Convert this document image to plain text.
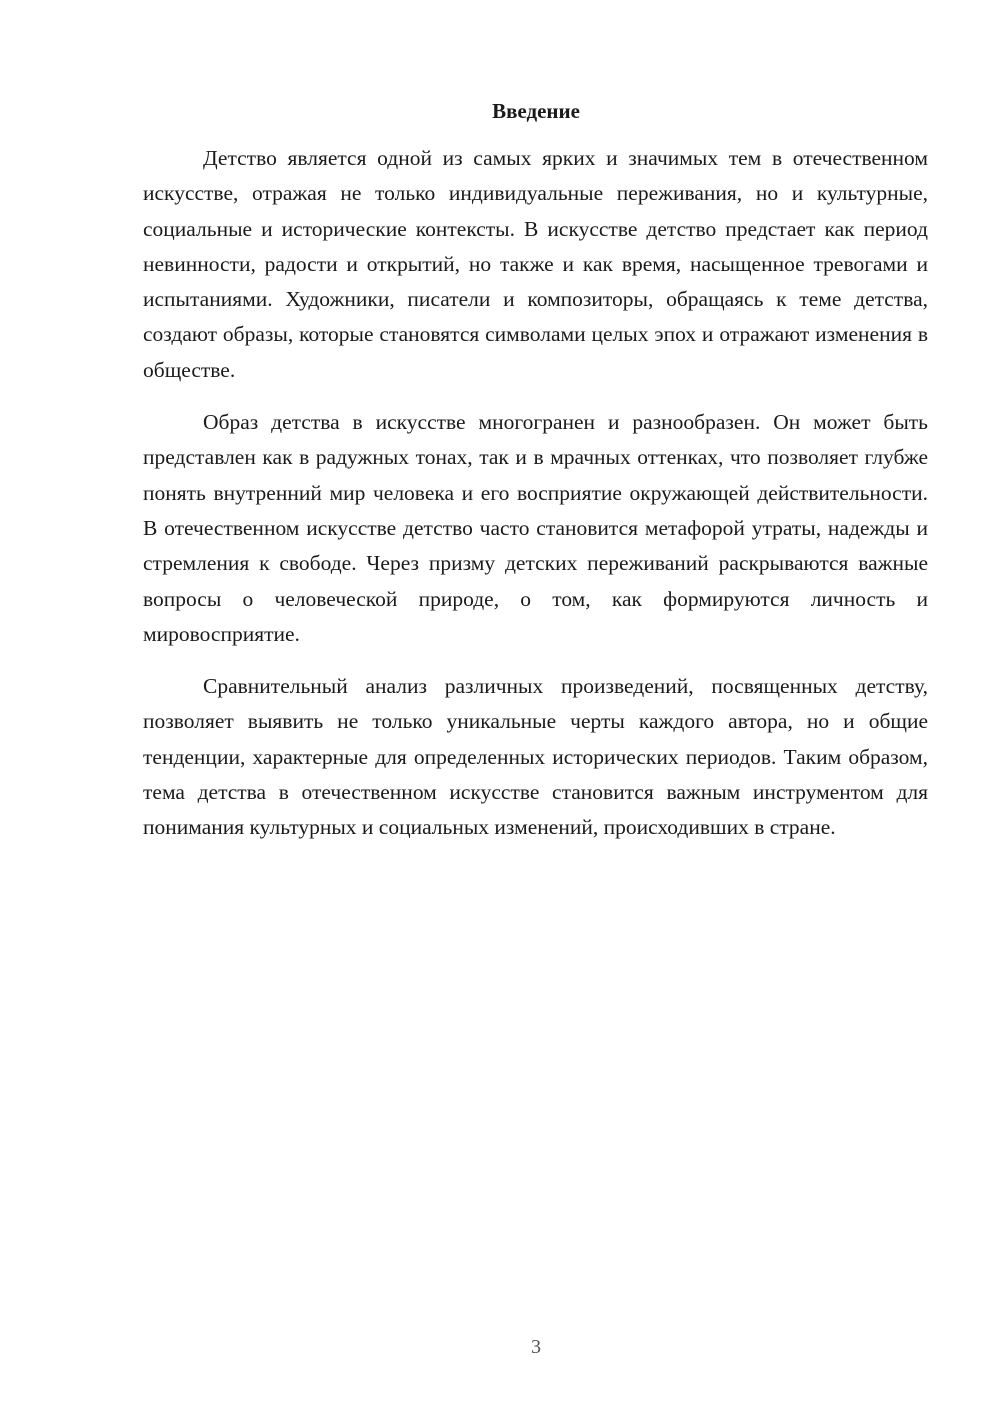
Введение

Детство является одной из самых ярких и значимых тем в отечественном искусстве, отражая не только индивидуальные переживания, но и культурные, социальные и исторические контексты. В искусстве детство предстает как период невинности, радости и открытий, но также и как время, насыщенное тревогами и испытаниями. Художники, писатели и композиторы, обращаясь к теме детства, создают образы, которые становятся символами целых эпох и отражают изменения в обществе.

Образ детства в искусстве многогранен и разнообразен. Он может быть представлен как в радужных тонах, так и в мрачных оттенках, что позволяет глубже понять внутренний мир человека и его восприятие окружающей действительности. В отечественном искусстве детство часто становится метафорой утраты, надежды и стремления к свободе. Через призму детских переживаний раскрываются важные вопросы о человеческой природе, о том, как формируются личность и мировосприятие.

Сравнительный анализ различных произведений, посвященных детству, позволяет выявить не только уникальные черты каждого автора, но и общие тенденции, характерные для определенных исторических периодов. Таким образом, тема детства в отечественном искусстве становится важным инструментом для понимания культурных и социальных изменений, происходивших в стране.

3
